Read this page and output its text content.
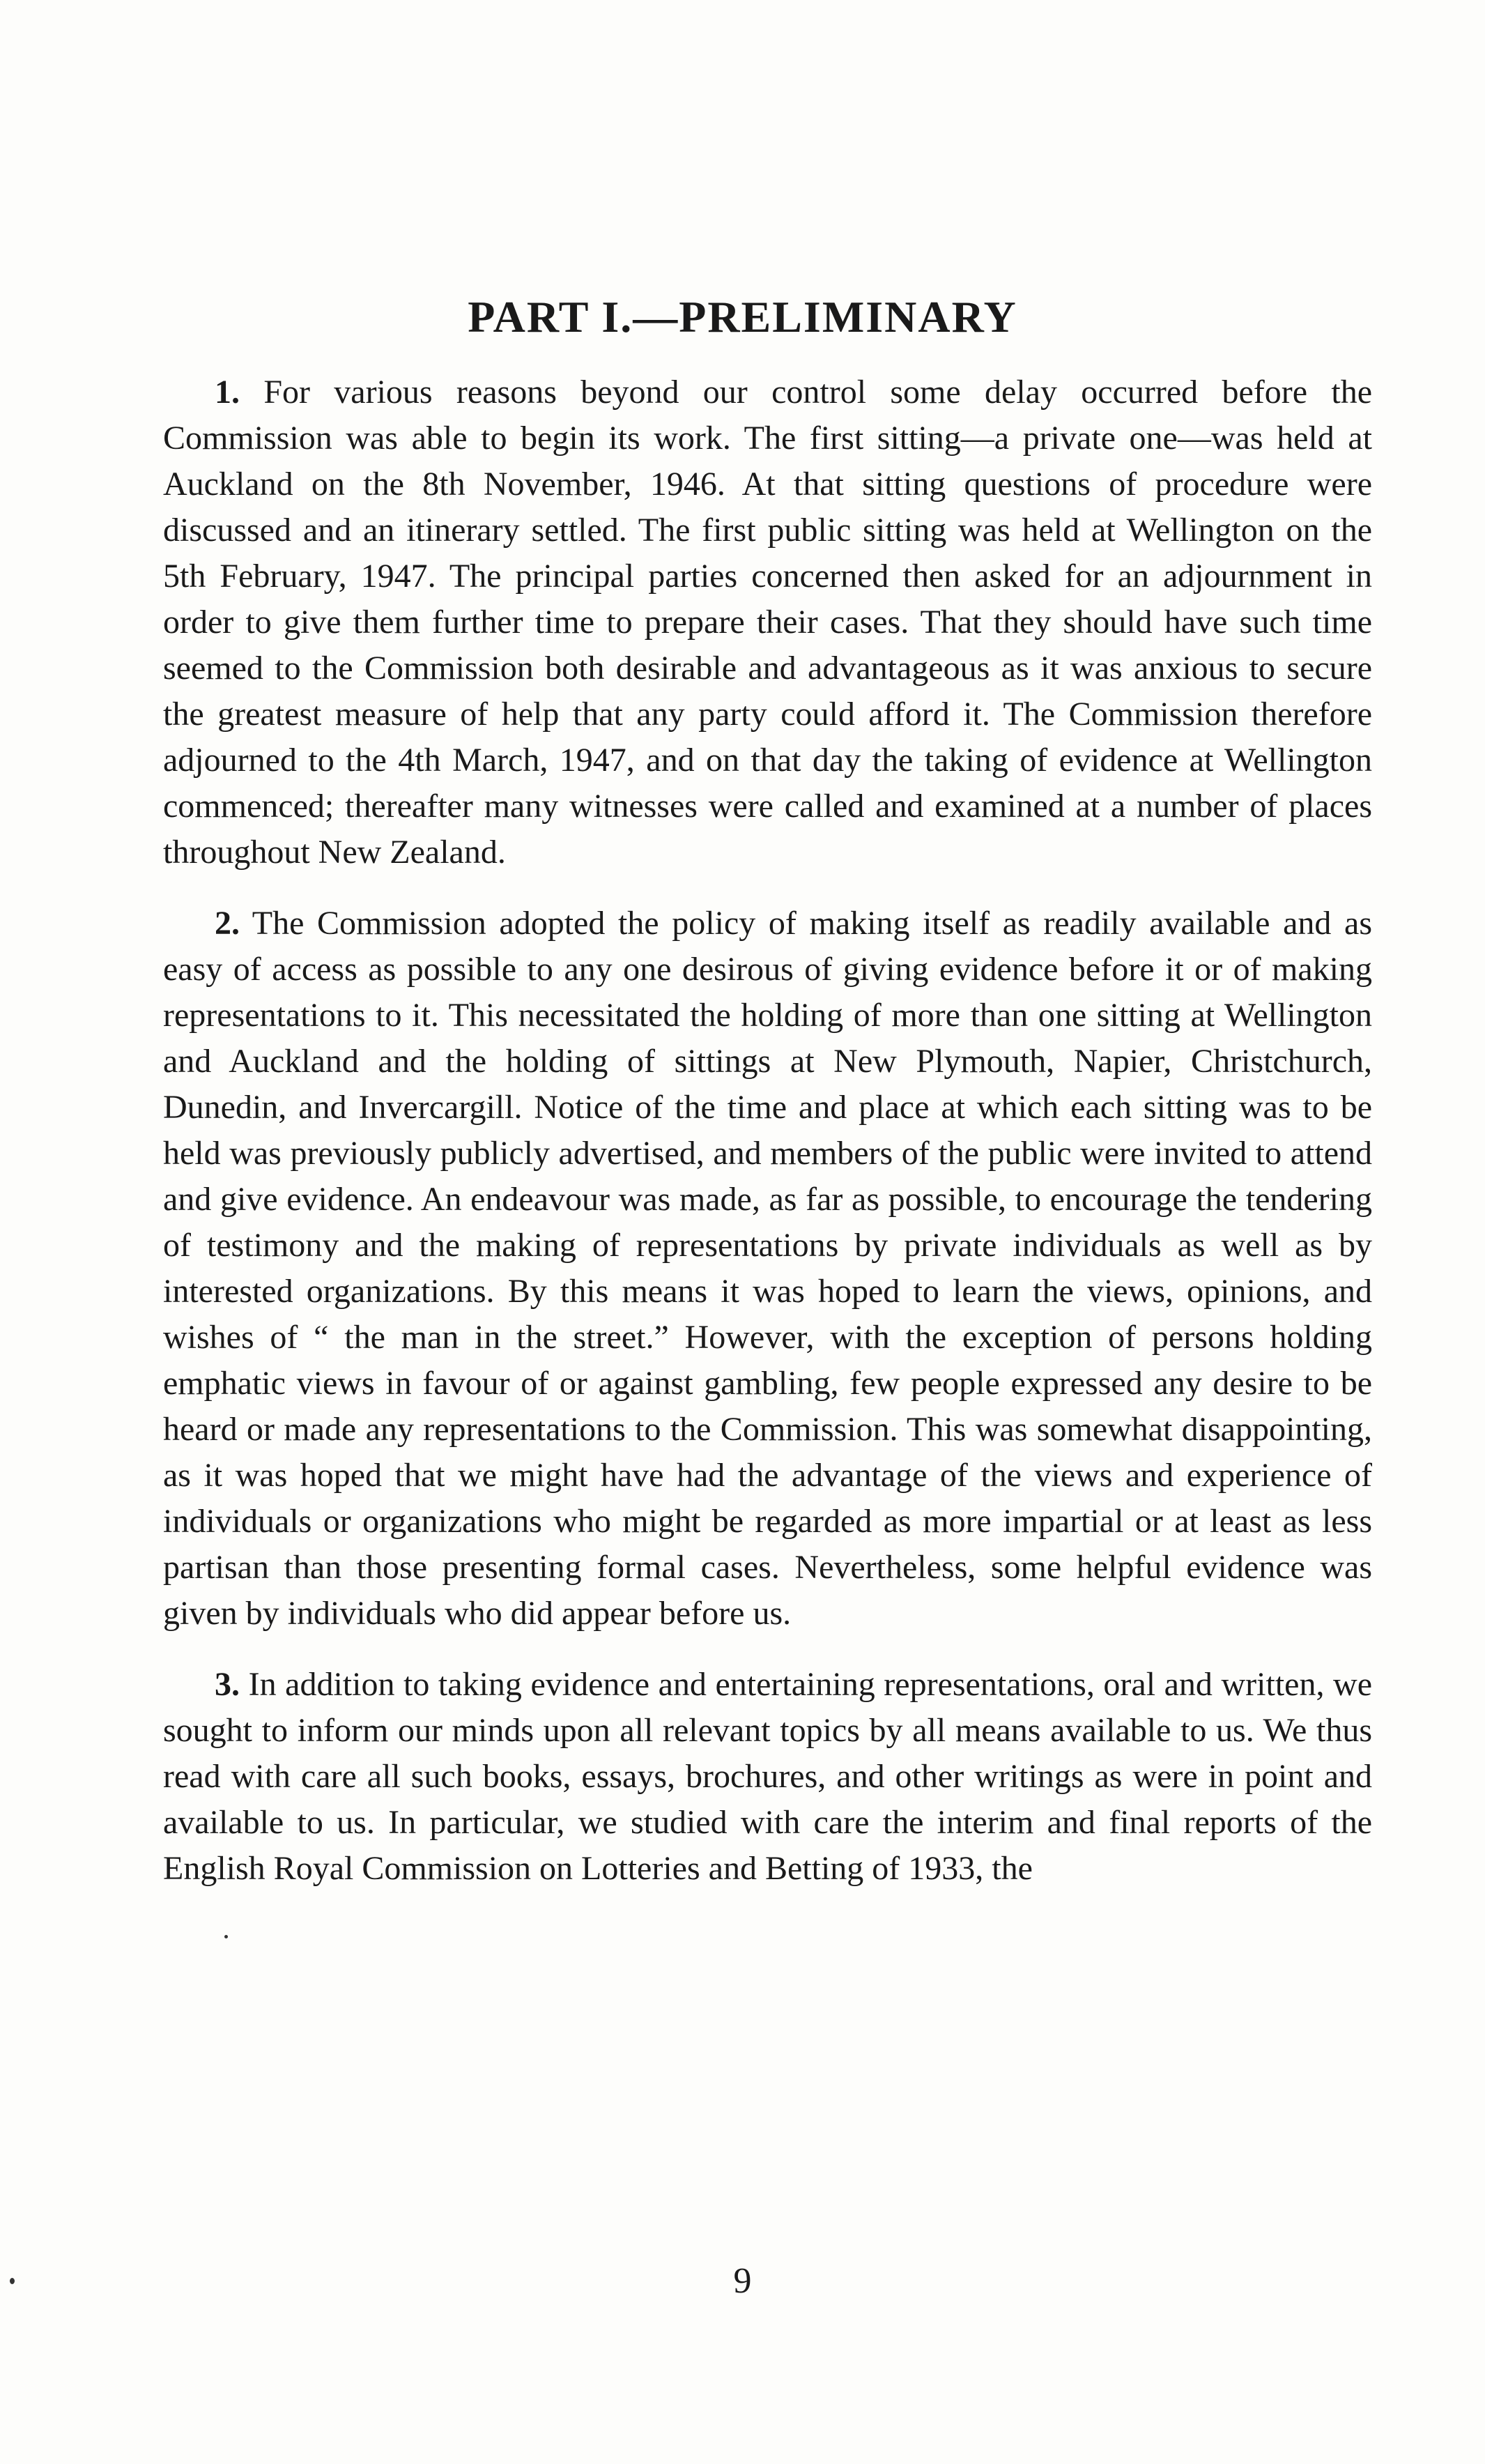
PART I.—PRELIMINARY

1. For various reasons beyond our control some delay occurred before the Commission was able to begin its work. The first sitting—a private one—was held at Auckland on the 8th November, 1946. At that sitting questions of procedure were discussed and an itinerary settled. The first public sitting was held at Wellington on the 5th February, 1947. The principal parties concerned then asked for an adjournment in order to give them further time to prepare their cases. That they should have such time seemed to the Commission both desirable and advantageous as it was anxious to secure the greatest measure of help that any party could afford it. The Commission therefore adjourned to the 4th March, 1947, and on that day the taking of evidence at Wellington commenced; thereafter many witnesses were called and examined at a number of places throughout New Zealand.

2. The Commission adopted the policy of making itself as readily available and as easy of access as possible to any one desirous of giving evidence before it or of making representations to it. This necessitated the holding of more than one sitting at Wellington and Auckland and the holding of sittings at New Plymouth, Napier, Christchurch, Dunedin, and Invercargill. Notice of the time and place at which each sitting was to be held was previously publicly advertised, and members of the public were invited to attend and give evidence. An endeavour was made, as far as possible, to encourage the tendering of testimony and the making of representations by private individuals as well as by interested organizations. By this means it was hoped to learn the views, opinions, and wishes of “ the man in the street.” However, with the exception of persons holding emphatic views in favour of or against gambling, few people expressed any desire to be heard or made any representations to the Commission. This was somewhat disappointing, as it was hoped that we might have had the advantage of the views and experience of individuals or organizations who might be regarded as more impartial or at least as less partisan than those presenting formal cases. Nevertheless, some helpful evidence was given by individuals who did appear before us.

3. In addition to taking evidence and entertaining representations, oral and written, we sought to inform our minds upon all relevant topics by all means available to us. We thus read with care all such books, essays, brochures, and other writings as were in point and available to us. In particular, we studied with care the interim and final reports of the English Royal Commission on Lotteries and Betting of 1933, the

9
